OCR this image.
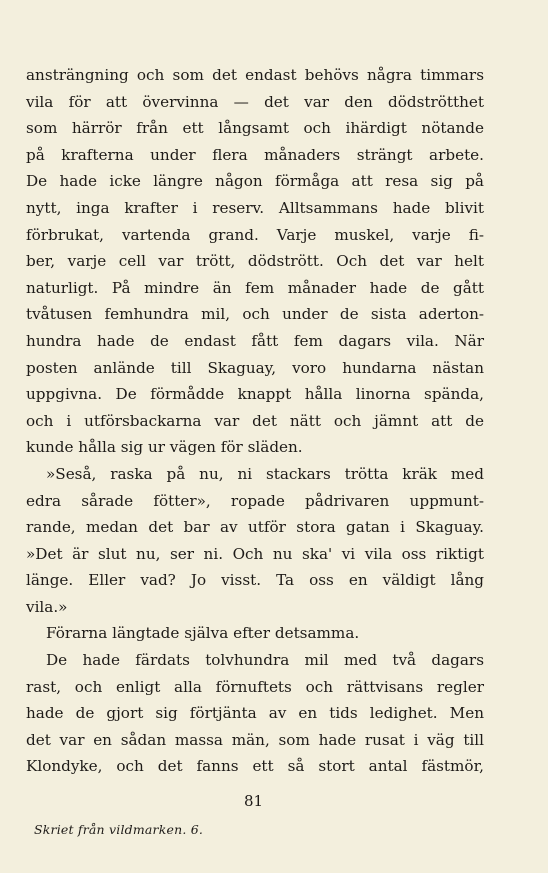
ansträngning och som det endast behövs några timmars
vila för att övervinna — det var den dödströtthet
som härrör från ett långsamt och ihärdigt nötande
på krafterna under flera månaders strängt arbete.
De hade icke längre någon förmåga att resa sig på
nytt, inga krafter i reserv. Alltsammans hade blivit
förbrukat, vartenda grand. Varje muskel, varje fi-
ber, varje cell var trött, dödstrött. Och det var helt
naturligt. På mindre än fem månader hade de gått
tvåtusen femhundra mil, och under de sista aderton-
hundra hade de endast fått fem dagars vila. När
posten anlände till Skaguay, voro hundarna nästan
uppgivna. De förmådde knappt hålla linorna spända,
och i utförsbackarna var det nätt och jämnt att de
kunde hålla sig ur vägen för släden.
»Seså, raska på nu, ni stackars trötta kräk med
edra sårade fötter», ropade pådrivaren uppmunt-
rande, medan det bar av utför stora gatan i Skaguay.
»Det är slut nu, ser ni. Och nu ska' vi vila oss riktigt
länge. Eller vad? Jo visst. Ta oss en väldigt lång
vila.»
Förarna längtade själva efter detsamma.
De hade färdats tolvhundra mil med två dagars
rast, och enligt alla förnuftets och rättvisans regler
hade de gjort sig förtjänta av en tids ledighet. Men
det var en sådan massa män, som hade rusat i väg till
Klondyke, och det fanns ett så stort antal fästmör,
81
Skriet från vildmarken. 6.
